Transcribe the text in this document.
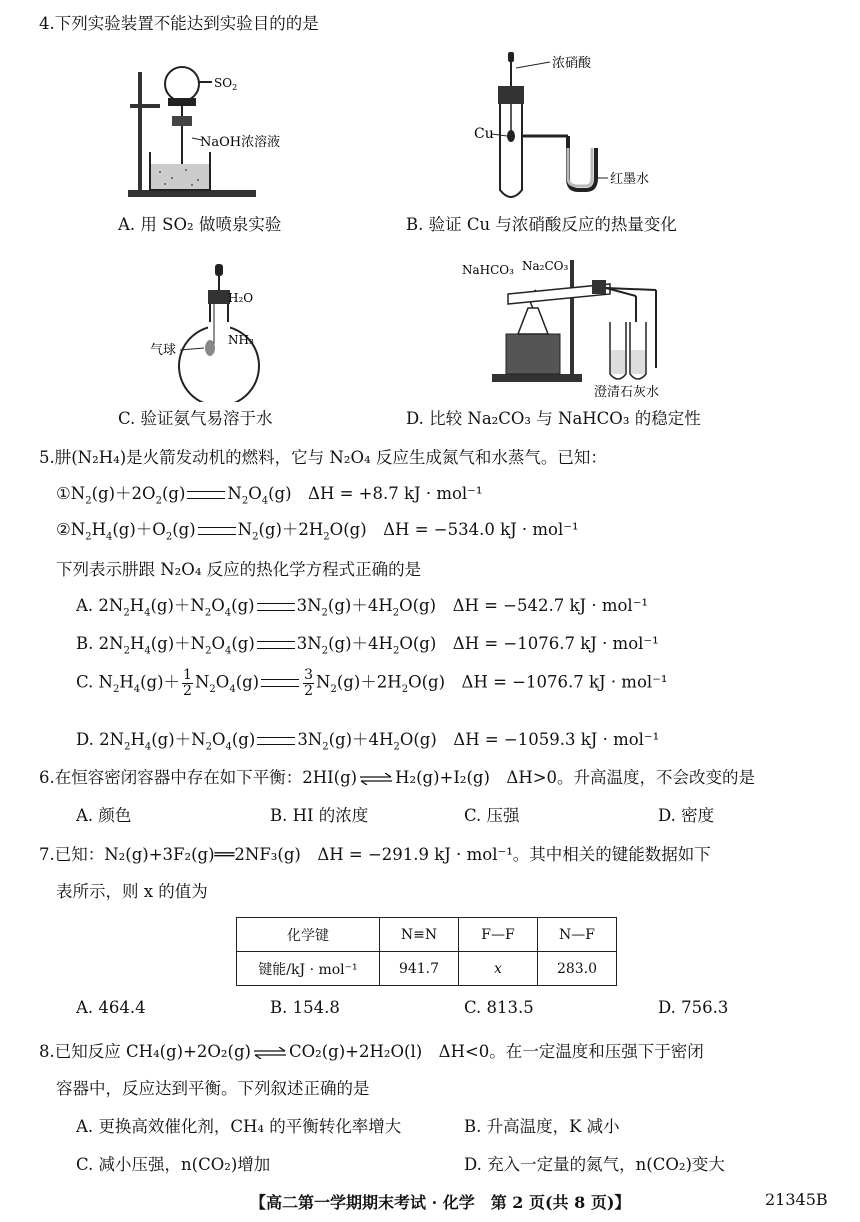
4.下列实验装置不能达到实验目的的是
$SO_2$
NaOH浓溶液
A. 用 SO₂ 做喷泉实验
浓硝酸
Cu
红墨水
B. 验证 Cu 与浓硝酸反应的热量变化
H₂O
气球
NH₃
C. 验证氨气易溶于水
NaHCO₃ Na₂CO₃
澄清石灰水
D. 比较 Na₂CO₃ 与 NaHCO₃ 的稳定性
5.肼(N₂H₄)是火箭发动机的燃料，它与 N₂O₄ 反应生成氮气和水蒸气。已知：
$①N_2(g)+2O_2(g)$	$N_2O_4(g)$　ΔH = +8.7 kJ · mol⁻¹
$②N_2H_4(g)+O_2(g)$	$N_2(g)+2H_2O(g)$　ΔH = −534.0 kJ · mol⁻¹
下列表示肼跟 N₂O₄ 反应的热化学方程式正确的是
A. $2N_2H_4(g)+N_2O_4(g)$	$3N_2(g)+4H_2O(g)$　ΔH = −542.7 kJ · mol⁻¹
B. $2N_2H_4(g)+N_2O_4(g)$	$3N_2(g)+4H_2O(g)$　ΔH = −1076.7 kJ · mol⁻¹
C. $N_2H_4(g)+ \frac{1}{2} N_2O_4(g)$	$\frac{3}{2} N_2(g)+2H_2O(g)$　ΔH = −1076.7 kJ · mol⁻¹
D. $2N_2H_4(g)+N_2O_4(g)$	$3N_2(g)+4H_2O(g)$　ΔH = −1059.3 kJ · mol⁻¹
6.在恒容密闭容器中存在如下平衡：2HI(g) ⇌ H₂(g)+I₂(g)　ΔH>0。升高温度，不会改变的是
A. 颜色	B. HI 的浓度	C. 压强	D. 密度
7.已知：N₂(g)+3F₂(g)══2NF₃(g)　ΔH = −291.9 kJ · mol⁻¹。其中相关的键能数据如下
表所示，则 x 的值为
化学键	N≡N	F—F	N—F
键能/kJ · mol⁻¹	941.7	x	283.0
A. 464.4	B. 154.8	C. 813.5	D. 756.3
8.已知反应 CH₄(g)+2O₂(g) ⇌ CO₂(g)+2H₂O(l)　ΔH<0。在一定温度和压强下于密闭
容器中，反应达到平衡。下列叙述正确的是
A. 更换高效催化剂，CH₄ 的平衡转化率增大	B. 升高温度，K 减小
C. 减小压强，n(CO₂)增加	D. 充入一定量的氮气，n(CO₂)变大
【高二第一学期期末考试 · 化学　第 2 页(共 8 页)】	21345B
